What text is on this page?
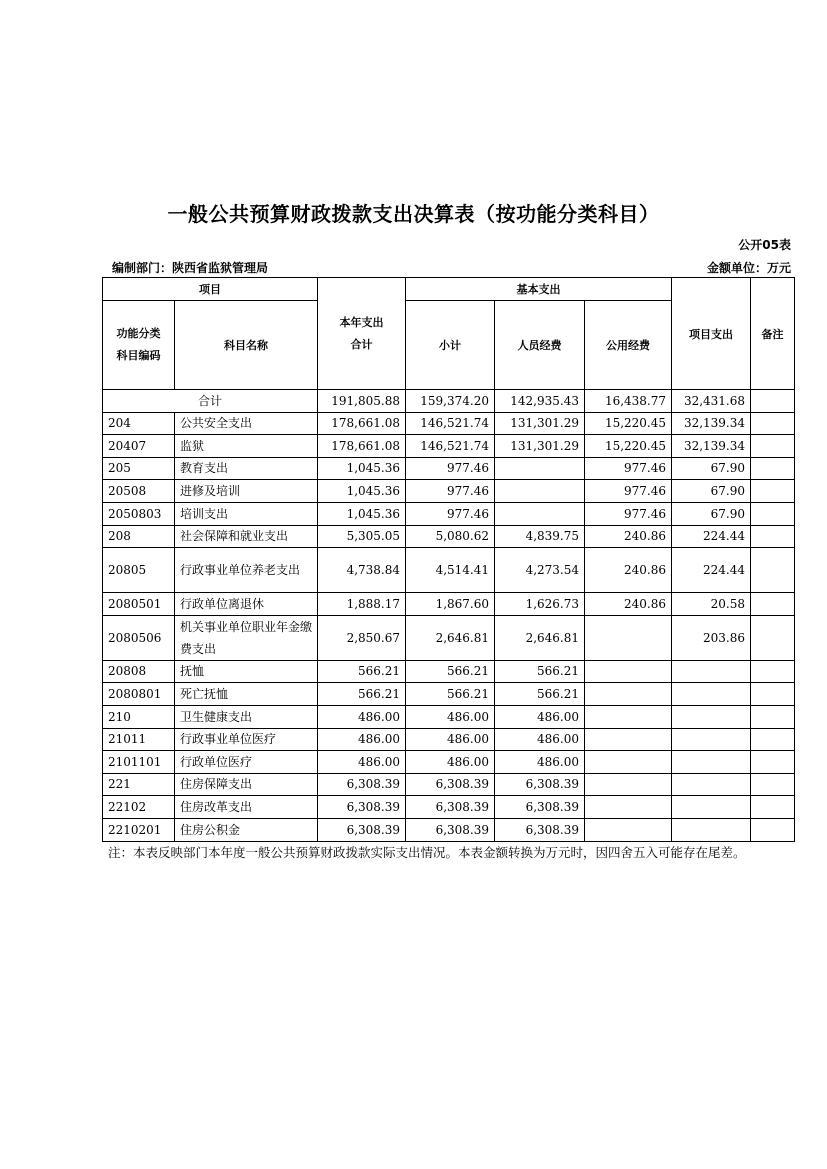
一般公共预算财政拨款支出决算表（按功能分类科目）
公开05表
编制部门：陕西省监狱管理局	金额单位：万元
项目		本年支出
合计	基本支出			项目支出	备注
功能分类
科目编码	科目名称		小计	人员经费	公用经费		
合计		191,805.88	159,374.20	142,935.43	16,438.77	32,431.68	
204	公共安全支出	178,661.08	146,521.74	131,301.29	15,220.45	32,139.34	
20407	监狱	178,661.08	146,521.74	131,301.29	15,220.45	32,139.34	
205	教育支出	1,045.36	977.46		977.46	67.90	
20508	进修及培训	1,045.36	977.46		977.46	67.90	
2050803	培训支出	1,045.36	977.46		977.46	67.90	
208	社会保障和就业支出	5,305.05	5,080.62	4,839.75	240.86	224.44	
20805	行政事业单位养老支出	4,738.84	4,514.41	4,273.54	240.86	224.44	
2080501	行政单位离退休	1,888.17	1,867.60	1,626.73	240.86	20.58	
2080506	机关事业单位职业年金缴费支出	2,850.67	2,646.81	2,646.81		203.86	
20808	抚恤	566.21	566.21	566.21			
2080801	死亡抚恤	566.21	566.21	566.21			
210	卫生健康支出	486.00	486.00	486.00			
21011	行政事业单位医疗	486.00	486.00	486.00			
2101101	行政单位医疗	486.00	486.00	486.00			
221	住房保障支出	6,308.39	6,308.39	6,308.39			
22102	住房改革支出	6,308.39	6,308.39	6,308.39			
2210201	住房公积金	6,308.39	6,308.39	6,308.39			
注：本表反映部门本年度一般公共预算财政拨款实际支出情况。本表金额转换为万元时，因四舍五入可能存在尾差。
